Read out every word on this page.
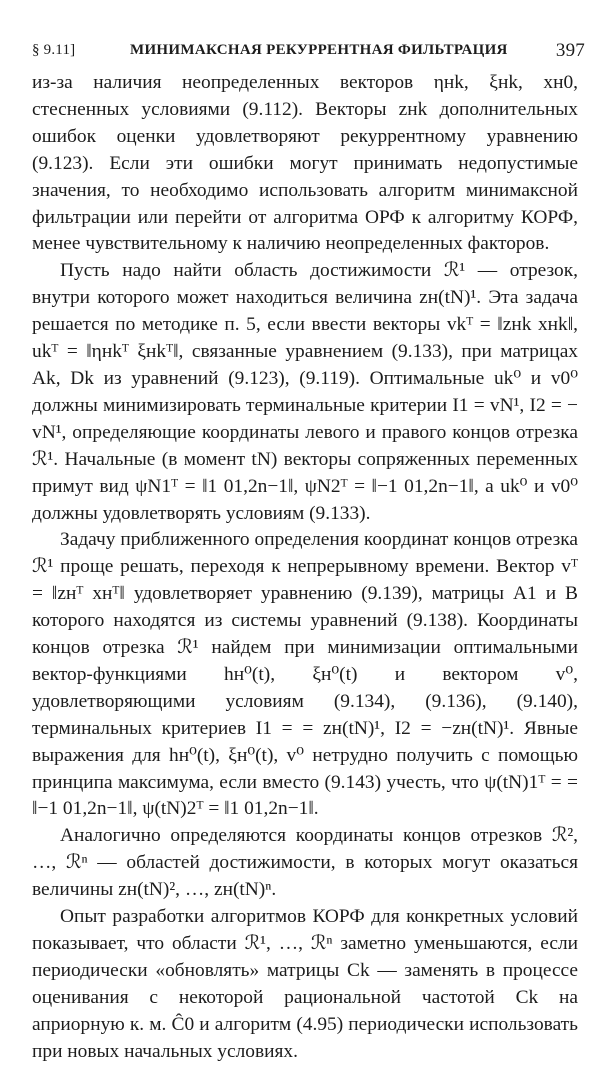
§ 9.11]	МИНИМАКСНАЯ РЕКУРРЕНТНАЯ ФИЛЬТРАЦИЯ	397

из-за наличия неопределенных векторов ηнk, ξнk, xн0, стесненных условиями (9.112). Векторы zнk дополнительных ошибок оценки удовлетворяют рекуррентному уравнению (9.123). Если эти ошибки могут принимать недопустимые значения, то необходимо использовать алгоритм минимаксной фильтрации или перейти от алгоритма ОРФ к алгоритму КОРФ, менее чувствительному к наличию неопределенных факторов.

Пусть надо найти область достижимости ℛ¹ — отрезок, внутри которого может находиться величина zн(tN)¹. Эта задача решается по методике п. 5, если ввести векторы vkᵀ = ‖zнk xнk‖, ukᵀ = ‖ηнkᵀ ξнkᵀ‖, связанные уравнением (9.133), при матрицах Ak, Dk из уравнений (9.123), (9.119). Оптимальные uk⁰ и v0⁰ должны минимизировать терминальные критерии I1 = vN¹, I2 = − vN¹, определяющие координаты левого и правого концов отрезка ℛ¹. Начальные (в момент tN) векторы сопряженных переменных примут вид ψN1ᵀ = ‖1 01,2n−1‖, ψN2ᵀ = ‖−1 01,2n−1‖, а uk⁰ и v0⁰ должны удовлетворять условиям (9.133).

Задачу приближенного определения координат концов отрезка ℛ¹ проще решать, переходя к непрерывному времени. Вектор vᵀ = ‖zнᵀ xнᵀ‖ удовлетворяет уравнению (9.139), матрицы A1 и B которого находятся из системы уравнений (9.138). Координаты концов отрезка ℛ¹ найдем при минимизации оптимальными вектор-функциями hн⁰(t), ξн⁰(t) и вектором v⁰, удовлетворяющими условиям (9.134), (9.136), (9.140), терминальных критериев I1 = = zн(tN)¹, I2 = −zн(tN)¹. Явные выражения для hн⁰(t), ξн⁰(t), v⁰ нетрудно получить с помощью принципа максимума, если вместо (9.143) учесть, что ψ(tN)1ᵀ = = ‖−1 01,2n−1‖, ψ(tN)2ᵀ = ‖1 01,2n−1‖.

Аналогично определяются координаты концов отрезков ℛ², …, ℛⁿ — областей достижимости, в которых могут оказаться величины zн(tN)², …, zн(tN)ⁿ.

Опыт разработки алгоритмов КОРФ для конкретных условий показывает, что области ℛ¹, …, ℛⁿ заметно уменьшаются, если периодически «обновлять» матрицы Ck — заменять в процессе оценивания с некоторой рациональной частотой Ck на априорную к. м. Ĉ0 и алгоритм (4.95) периодически использовать при новых начальных условиях.
